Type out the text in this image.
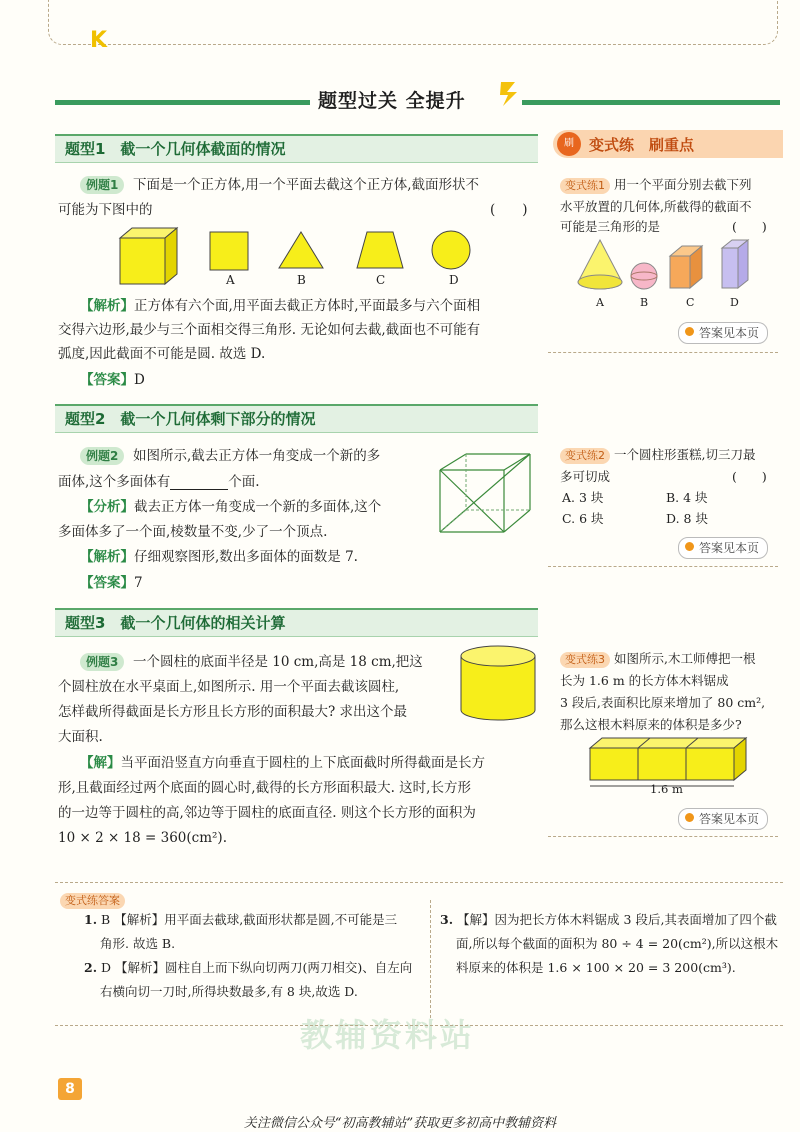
K
题型过关 全提升
题型1　截一个几何体截面的情况
例题1 下面是一个正方体,用一个平面去截这个正方体,截面形状不
可能为下图中的	(　　)
A	B	C	D
【解析】正方体有六个面,用平面去截正方体时,平面最多与六个面相
交得六边形,最少与三个面相交得三角形. 无论如何去截,截面也不可能有
弧度,因此截面不可能是圆. 故选 D.
【答案】D
题型2　截一个几何体剩下部分的情况
例题2 如图所示,截去正方体一角变成一个新的多
面体,这个多面体有	个面.
【分析】截去正方体一角变成一个新的多面体,这个
多面体多了一个面,棱数量不变,少了一个顶点.
【解析】仔细观察图形,数出多面体的面数是 7.
【答案】7
题型3　截一个几何体的相关计算
例题3 一个圆柱的底面半径是 10 cm,高是 18 cm,把这
个圆柱放在水平桌面上,如图所示. 用一个平面去截该圆柱,
怎样截所得截面是长方形且长方形的面积最大? 求出这个最
大面积.
【解】当平面沿竖直方向垂直于圆柱的上下底面截时所得截面是长方
形,且截面经过两个底面的圆心时,截得的长方形面积最大. 这时,长方形
的一边等于圆柱的高,邻边等于圆柱的底面直径. 则这个长方形的面积为
10 × 2 × 18 = 360(cm²).
刷	变式练　刷重点
变式练1 用一个平面分别去截下列
水平放置的几何体,所截得的截面不
可能是三角形的是	(　　)
A	B	C	D
答案见本页
变式练2 一个圆柱形蛋糕,切三刀最
多可切成	(　　)
A. 3 块	B. 4 块
C. 6 块	D. 8 块
答案见本页
变式练3 如图所示,木工师傅把一根
长为 1.6 m 的长方体木料锯成
3 段后,表面积比原来增加了 80 cm²,
那么这根木料原来的体积是多少?
1.6 m
答案见本页
教辅资料站
变式练答案
1. B 【解析】用平面去截球,截面形状都是圆,不可能是三
角形. 故选 B.
2. D 【解析】圆柱自上而下纵向切两刀(两刀相交)、自左向
右横向切一刀时,所得块数最多,有 8 块,故选 D.
3. 【解】因为把长方体木料锯成 3 段后,其表面增加了四个截
面,所以每个截面的面积为 80 ÷ 4 = 20(cm²),所以这根木
料原来的体积是 1.6 × 100 × 20 = 3 200(cm³).
8
关注微信公众号“初高教辅站”获取更多初高中教辅资料
